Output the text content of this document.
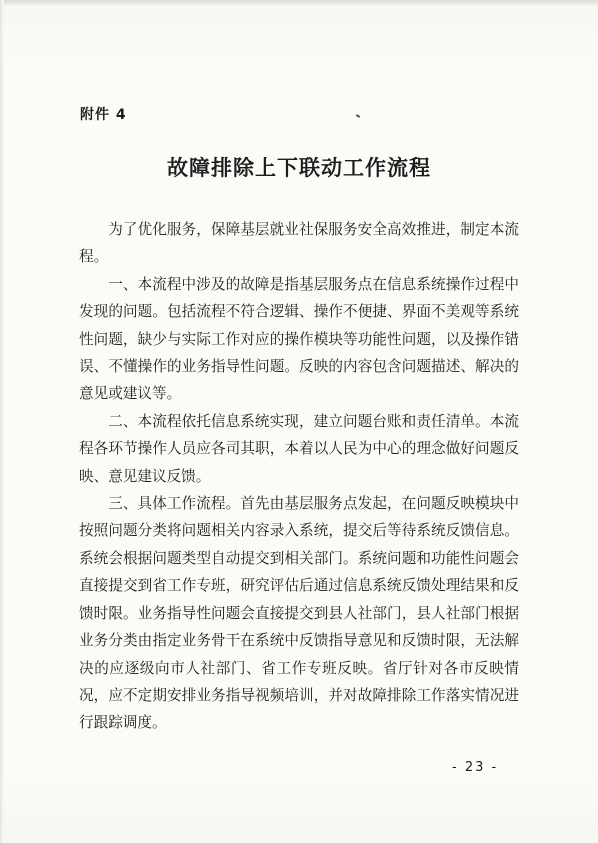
附件 4
故障排除上下联动工作流程

为了优化服务，保障基层就业社保服务安全高效推进，制定本流程。

一、本流程中涉及的故障是指基层服务点在信息系统操作过程中发现的问题。包括流程不符合逻辑、操作不便捷、界面不美观等系统性问题，缺少与实际工作对应的操作模块等功能性问题，以及操作错误、不懂操作的业务指导性问题。反映的内容包含问题描述、解决的意见或建议等。

二、本流程依托信息系统实现，建立问题台账和责任清单。本流程各环节操作人员应各司其职，本着以人民为中心的理念做好问题反映、意见建议反馈。

三、具体工作流程。首先由基层服务点发起，在问题反映模块中按照问题分类将问题相关内容录入系统，提交后等待系统反馈信息。系统会根据问题类型自动提交到相关部门。系统问题和功能性问题会直接提交到省工作专班，研究评估后通过信息系统反馈处理结果和反馈时限。业务指导性问题会直接提交到县人社部门，县人社部门根据业务分类由指定业务骨干在系统中反馈指导意见和反馈时限，无法解决的应逐级向市人社部门、省工作专班反映。省厅针对各市反映情况，应不定期安排业务指导视频培训，并对故障排除工作落实情况进行跟踪调度。

- 23 -
